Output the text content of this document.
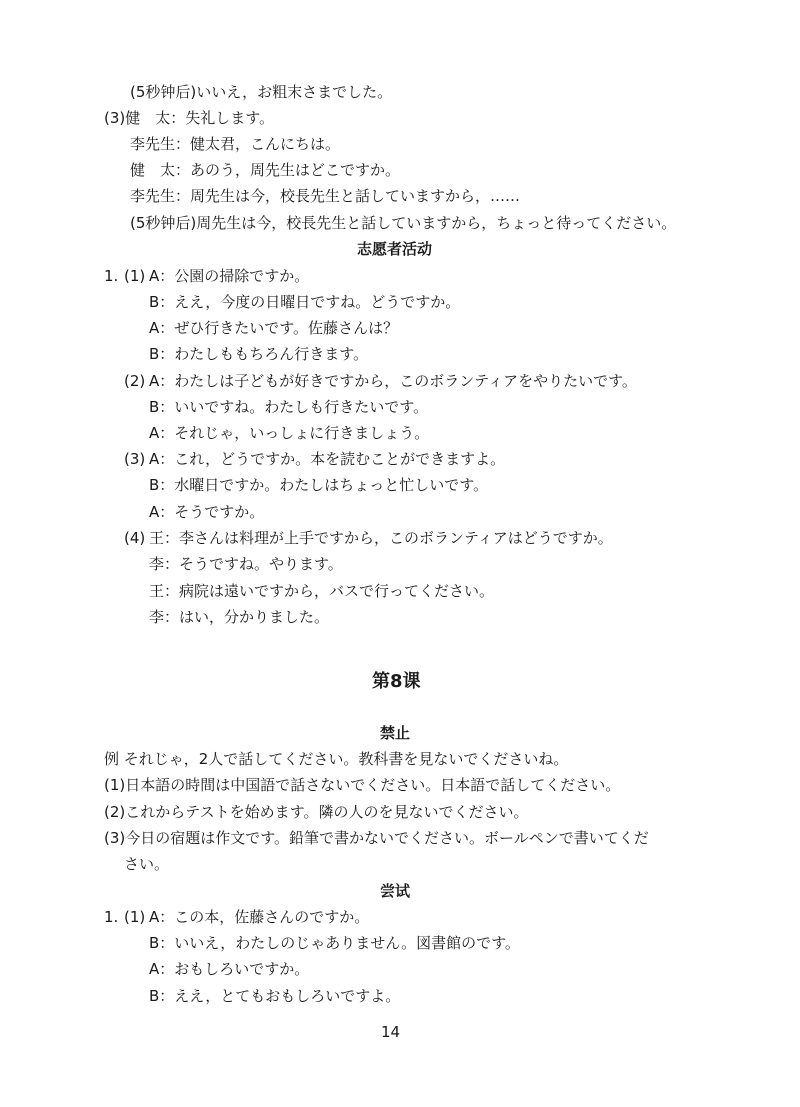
(5秒钟后)いいえ，お粗末さまでした。
(3)健　太：失礼します。
李先生：健太君，こんにちは。
健　太：あのう，周先生はどこですか。
李先生：周先生は今，校長先生と話していますから，……
(5秒钟后)周先生は今，校長先生と話していますから，ちょっと待ってください。
志愿者活动
1. (1) A：公園の掃除ですか。
B：ええ，今度の日曜日ですね。どうですか。
A：ぜひ行きたいです。佐藤さんは？
B：わたしももちろん行きます。
(2) A：わたしは子どもが好きですから，このボランティアをやりたいです。
B：いいですね。わたしも行きたいです。
A：それじゃ，いっしょに行きましょう。
(3) A：これ，どうですか。本を読むことができますよ。
B：水曜日ですか。わたしはちょっと忙しいです。
A：そうですか。
(4) 王：李さんは料理が上手ですから，このボランティアはどうですか。
李：そうですね。やります。
王：病院は遠いですから，バスで行ってください。
李：はい，分かりました。
第8课
禁止
例 それじゃ，2人で話してください。教科書を見ないでくださいね。
(1)日本語の時間は中国語で話さないでください。日本語で話してください。
(2)これからテストを始めます。隣の人のを見ないでください。
(3)今日の宿題は作文です。鉛筆で書かないでください。ボールペンで書いてくだ
さい。
尝试
1. (1) A：この本，佐藤さんのですか。
B：いいえ，わたしのじゃありません。図書館のです。
A：おもしろいですか。
B：ええ，とてもおもしろいですよ。
14
